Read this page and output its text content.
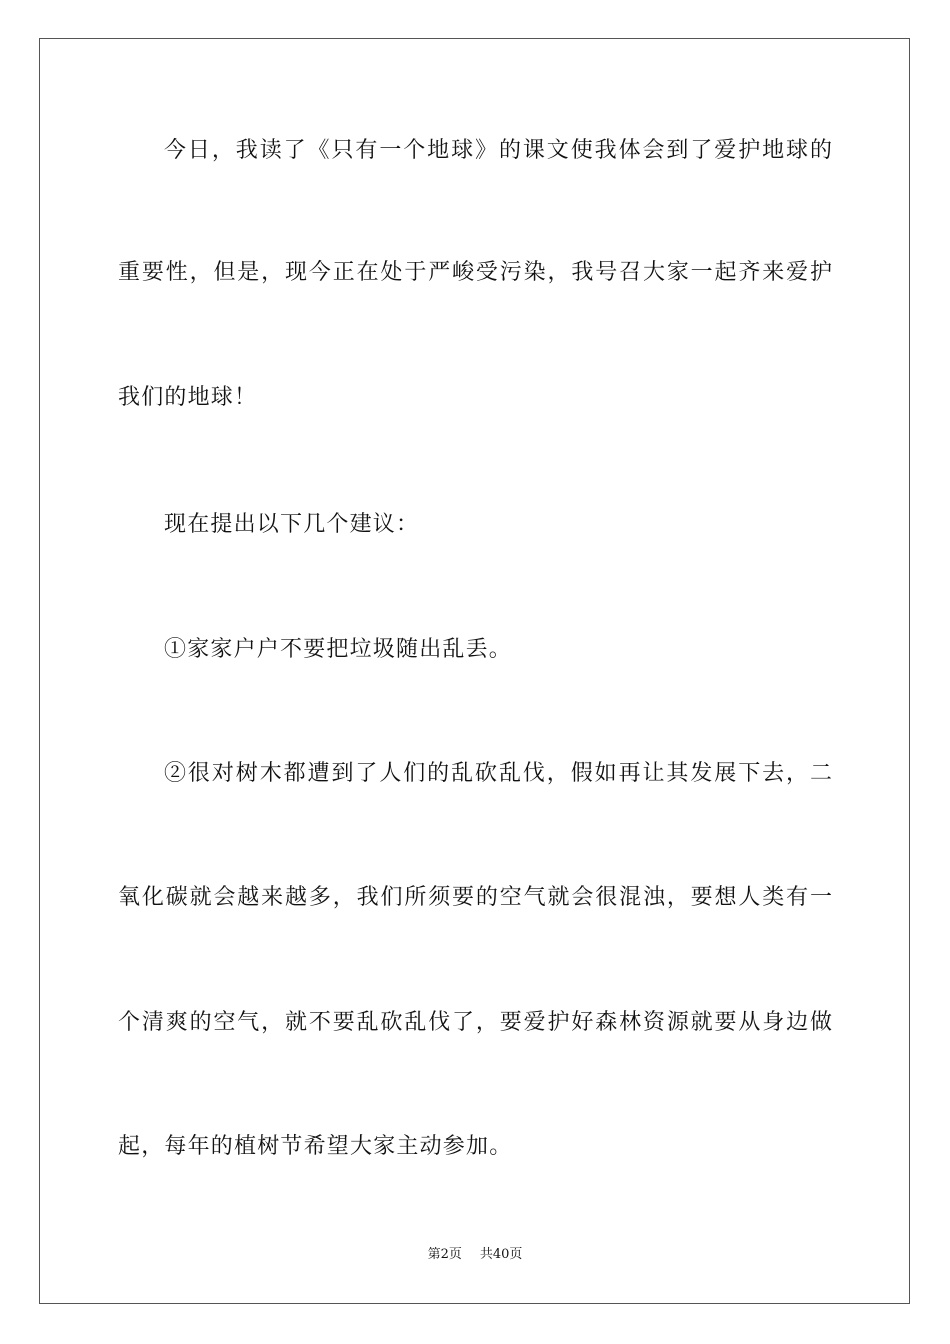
今日，我读了《只有一个地球》的课文使我体会到了爱护地球的
重要性，但是，现今正在处于严峻受污染，我号召大家一起齐来爱护
我们的地球！
现在提出以下几个建议：
①家家户户不要把垃圾随出乱丢。
②很对树木都遭到了人们的乱砍乱伐，假如再让其发展下去，二
氧化碳就会越来越多，我们所须要的空气就会很混浊，要想人类有一
个清爽的空气，就不要乱砍乱伐了，要爱护好森林资源就要从身边做
起，每年的植树节希望大家主动参加。
第2页 共40页
